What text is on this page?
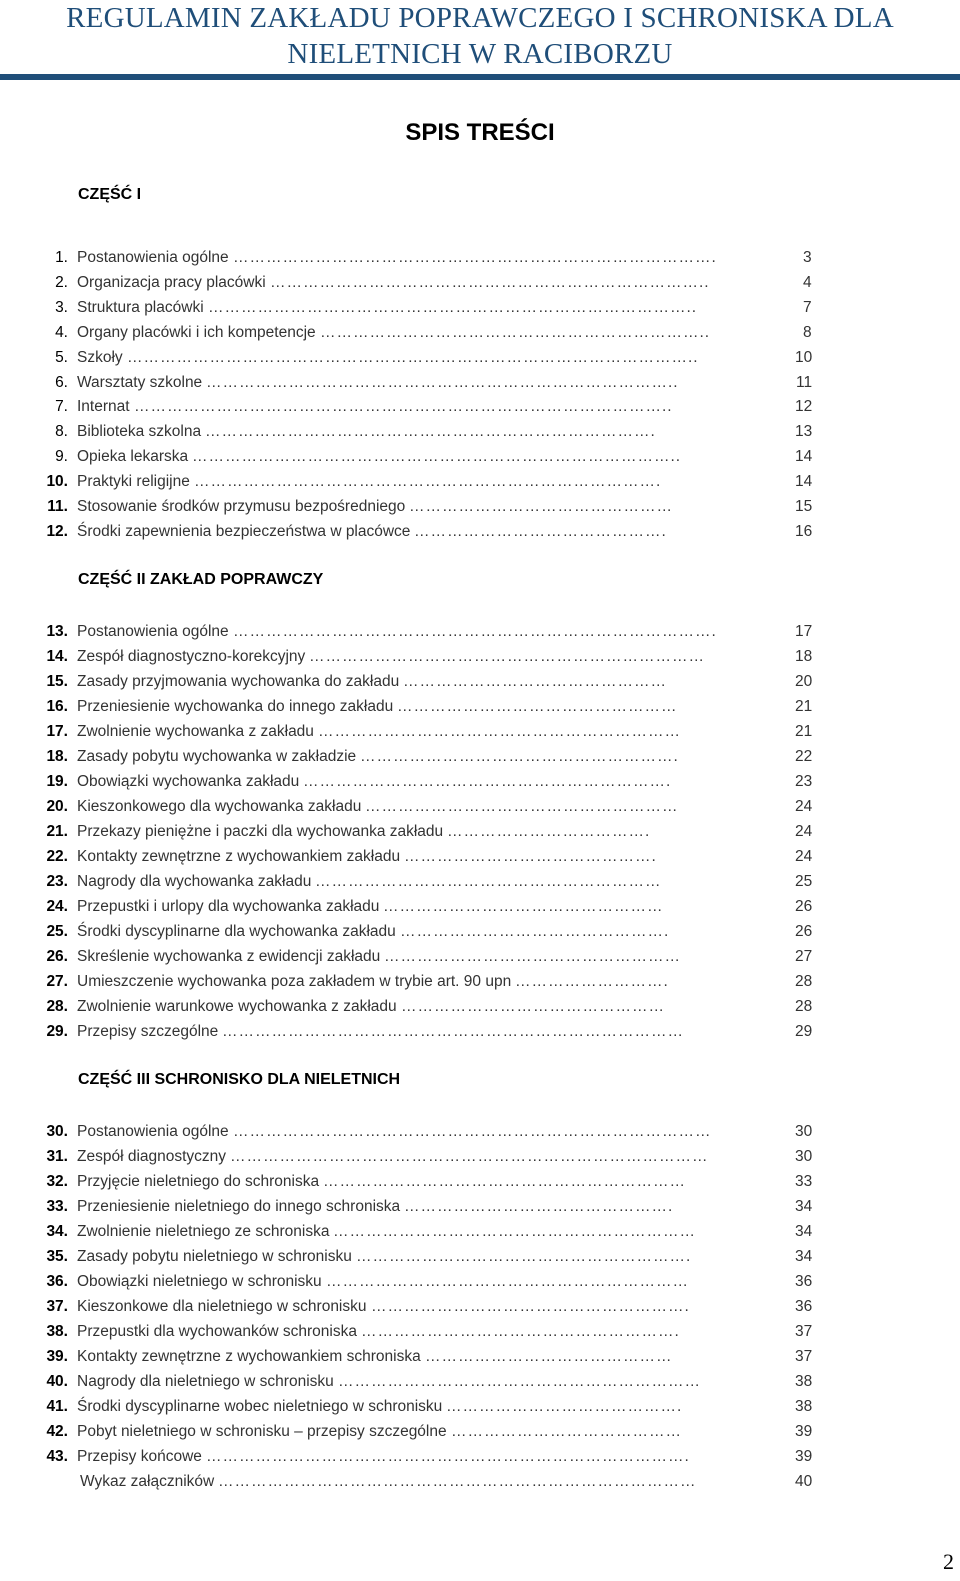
REGULAMIN ZAKŁADU POPRAWCZEGO I SCHRONISKA DLA
NIELETNICH W RACIBORZU
SPIS TREŚCI
CZĘŚĆ I
CZĘŚĆ II ZAKŁAD POPRAWCZY
CZĘŚĆ III SCHRONISKO DLA NIELETNICH
1. Postanowienia ogólne …………………………………………………………………………….	3
2. Organizacja pracy placówki ……………………………………………………………………..	4
3. Struktura placówki ……………………………………………………………………………..	7
4. Organy placówki i ich kompetencje ……………………………………………………………..	8
5. Szkoły …………………………………………………………………………………………..	10
6. Warsztaty szkolne …………………………………………………………………………..	11
7. Internat ……………………………………………………………………………………..	12
8. Biblioteka szkolna ……………………………………………………………………….	13
9. Opieka lekarska ……………………………………………………………………………..	14
10. Praktyki religijne ………………………………………………………………………….	14
11. Stosowanie środków przymusu bezpośredniego …………………………………………	15
12. Środki zapewnienia bezpieczeństwa w placówce ……………………………………….	16
13. Postanowienia ogólne …………………………………………………………………………….	17
14. Zespół diagnostyczno-korekcyjny ………………………………………………………………	18
15. Zasady przyjmowania wychowanka do zakładu …………………………………………	20
16. Przeniesienie wychowanka do innego zakładu ……………………………………………	21
17. Zwolnienie wychowanka z zakładu …………………………………………………………	21
18. Zasady pobytu wychowanka w zakładzie ………………………………………………….	22
19. Obowiązki wychowanka zakładu ………………………………………………………….	23
20. Kieszonkowego dla wychowanka zakładu …………………………………………………	24
21. Przekazy pieniężne i paczki dla wychowanka zakładu ……………………………….	24
22. Kontakty zewnętrzne z wychowankiem zakładu ……………………………………….	24
23. Nagrody dla wychowanka zakładu ………………………………………………………	25
24. Przepustki i urlopy dla wychowanka zakładu ……………………………………………	26
25. Środki dyscyplinarne dla wychowanka zakładu ………………………………………….	26
26. Skreślenie wychowanka z ewidencji zakładu ………………………………………………	27
27. Umieszczenie wychowanka poza zakładem w trybie art. 90 upn ……………………….	28
28. Zwolnienie warunkowe wychowanka z zakładu …………………………………………	28
29. Przepisy szczególne …………………………………………………………………………	29
30. Postanowienia ogólne ……………………………………………………………………………	30
31. Zespół diagnostyczny ……………………………………………………………………………	30
32. Przyjęcie nieletniego do schroniska …………………………………………………………	33
33. Przeniesienie nieletniego do innego schroniska ………………………………………….	34
34. Zwolnienie nieletniego ze schroniska …………………………………………………………	34
35. Zasady pobytu nieletniego w schronisku …………………………………………………….	34
36. Obowiązki nieletniego w schronisku …………………………………………………………	36
37. Kieszonkowe dla nieletniego w schronisku ………………………………………………….	36
38. Przepustki dla wychowanków schroniska ………………………………………………….	37
39. Kontakty zewnętrzne z wychowankiem schroniska ………………………………………	37
40. Nagrody dla nieletniego w schronisku …………………………………………………………	38
41. Środki dyscyplinarne wobec nieletniego w schronisku …………………………………….	38
42. Pobyt nieletniego w schronisku – przepisy szczególne ……………………………………	39
43. Przepisy końcowe …………………………………………………………………………….	39
Wykaz załączników ……………………………………………………………………………	40
2
